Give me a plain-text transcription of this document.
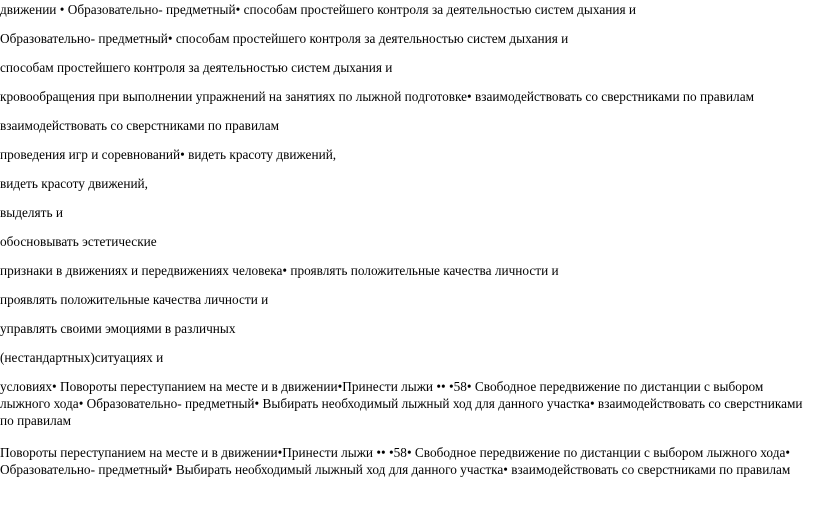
движении • Образовательно- предметный• способам простейшего контроля за деятельностью систем дыхания и
Образовательно- предметный• способам простейшего контроля за деятельностью систем дыхания и
способам простейшего контроля за деятельностью систем дыхания и
кровообращения при выполнении упражнений на занятиях по лыжной подготовке• взаимодействовать со сверстниками по правилам
взаимодействовать со сверстниками по правилам
проведения игр и соревнований• видеть красоту движений,
видеть красоту движений,
выделять и
обосновывать эстетические
признаки в движениях и передвижениях человека• проявлять положительные качества личности и
проявлять положительные качества личности и
управлять своими эмоциями в различных
(нестандартных)ситуациях и
условиях• Повороты переступанием на месте и в движении•Принести лыжи •• •58• Свободное передвижение по дистанции с выбором лыжного хода• Образовательно- предметный• Выбирать необходимый лыжный ход для данного участка• взаимодействовать со сверстниками по правилам
Повороты переступанием на месте и в движении•Принести лыжи •• •58• Свободное передвижение по дистанции с выбором лыжного хода• Образовательно- предметный• Выбирать необходимый лыжный ход для данного участка• взаимодействовать со сверстниками по правилам
